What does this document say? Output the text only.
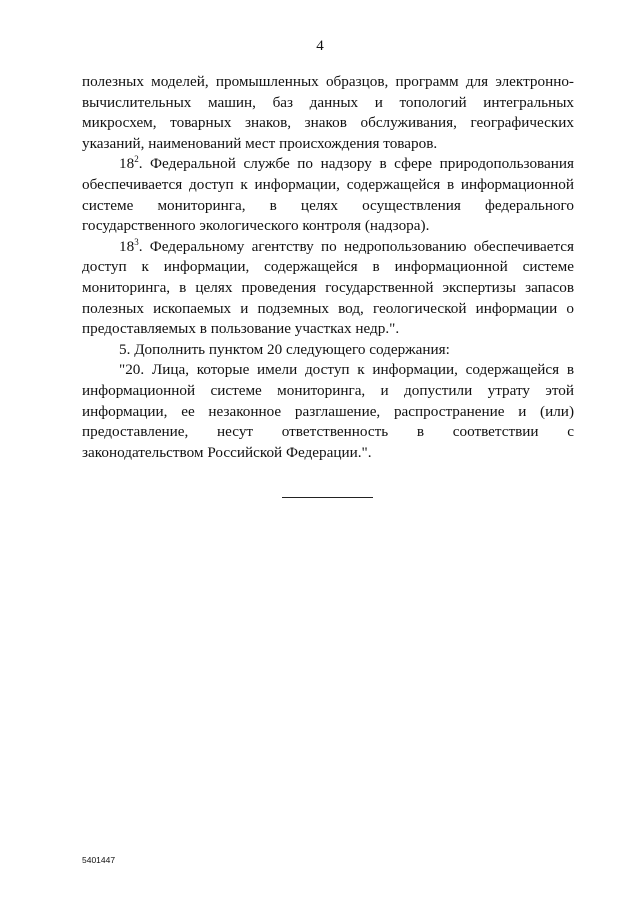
4

полезных моделей, промышленных образцов, программ для электронно-вычислительных машин, баз данных и топологий интегральных микросхем, товарных знаков, знаков обслуживания, географических указаний, наименований мест происхождения товаров.

$18^2$. Федеральной службе по надзору в сфере природопользования обеспечивается доступ к информации, содержащейся в информационной системе мониторинга, в целях осуществления федерального государственного экологического контроля (надзора).

$18^3$. Федеральному агентству по недропользованию обеспечивается доступ к информации, содержащейся в информационной системе мониторинга, в целях проведения государственной экспертизы запасов полезных ископаемых и подземных вод, геологической информации о предоставляемых в пользование участках недр.".

5. Дополнить пунктом 20 следующего содержания:

"20. Лица, которые имели доступ к информации, содержащейся в информационной системе мониторинга, и допустили утрату этой информации, ее незаконное разглашение, распространение и (или) предоставление, несут ответственность в соответствии с законодательством Российской Федерации.".

5401447
